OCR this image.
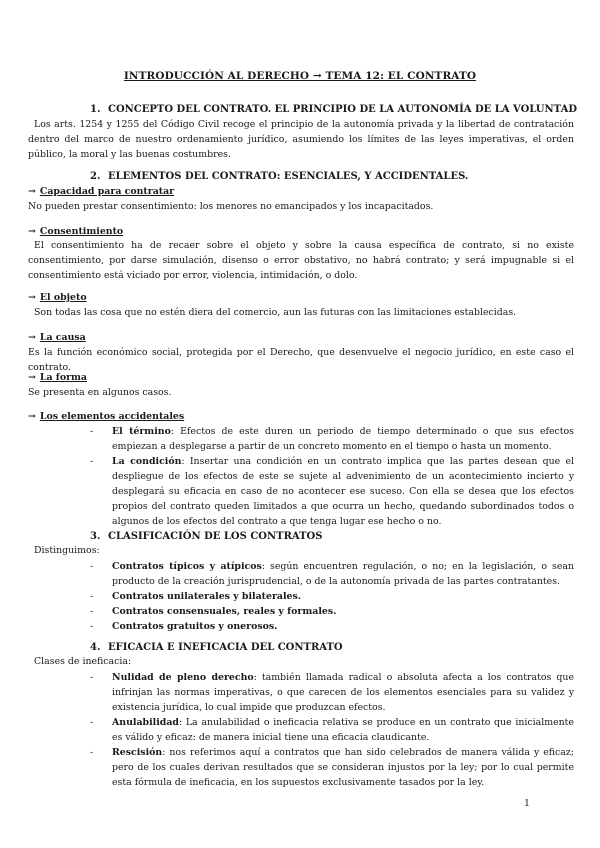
INTRODUCCIÓN AL DERECHO → TEMA 12: EL CONTRATO
1. CONCEPTO DEL CONTRATO. EL PRINCIPIO DE LA AUTONOMÍA DE LA VOLUNTAD
Los arts. 1254 y 1255 del Código Civil recoge el principio de la autonomía privada y la libertad de contratación dentro del marco de nuestro ordenamiento jurídico, asumiendo los límites de las leyes imperativas, el orden público, la moral y las buenas costumbres.
2. ELEMENTOS DEL CONTRATO: ESENCIALES, Y ACCIDENTALES.
→ Capacidad para contratar
No pueden prestar consentimiento: los menores no emancipados y los incapacitados.
→ Consentimiento
El consentimiento ha de recaer sobre el objeto y sobre la causa específica de contrato, si no existe consentimiento, por darse simulación, disenso o error obstativo, no habrá contrato; y será impugnable si el consentimiento está viciado por error, violencia, intimidación, o dolo.
→ El objeto
Son todas las cosa que no estén diera del comercio, aun las futuras con las limitaciones establecidas.
→ La causa
Es la función económico social, protegida por el Derecho, que desenvuelve el negocio jurídico, en este caso el contrato.
→ La forma
Se presenta en algunos casos.
→ Los elementos accidentales
- El término: Efectos de este duren un periodo de tiempo determinado o que sus efectos empiezan a desplegarse a partir de un concreto momento en el tiempo o hasta un momento.
- La condición: Insertar una condición en un contrato implica que las partes desean que el despliegue de los efectos de este se sujete al advenimiento de un acontecimiento incierto y desplegará su eficacia en caso de no acontecer ese suceso. Con ella se desea que los efectos propios del contrato queden limitados a que ocurra un hecho, quedando subordinados todos o algunos de los efectos del contrato a que tenga lugar ese hecho o no.
3. CLASIFICACIÓN DE LOS CONTRATOS
Distinguimos:
- Contratos típicos y atípicos: según encuentren regulación, o no; en la legislación, o sean producto de la creación jurisprudencial, o de la autonomía privada de las partes contratantes.
- Contratos unilaterales y bilaterales.
- Contratos consensuales, reales y formales.
- Contratos gratuitos y onerosos.
4. EFICACIA E INEFICACIA DEL CONTRATO
Clases de ineficacia:
- Nulidad de pleno derecho: también llamada radical o absoluta afecta a los contratos que infrinjan las normas imperativas, o que carecen de los elementos esenciales para su validez y existencia jurídica, lo cual impide que produzcan efectos.
- Anulabilidad: La anulabilidad o ineficacia relativa se produce en un contrato que inicialmente es válido y eficaz: de manera inicial tiene una eficacia claudicante.
- Rescisión: nos referimos aquí a contratos que han sido celebrados de manera válida y eficaz; pero de los cuales derivan resultados que se consideran injustos por la ley; por lo cual permite esta fórmula de ineficacia, en los supuestos exclusivamente tasados por la ley.
1
